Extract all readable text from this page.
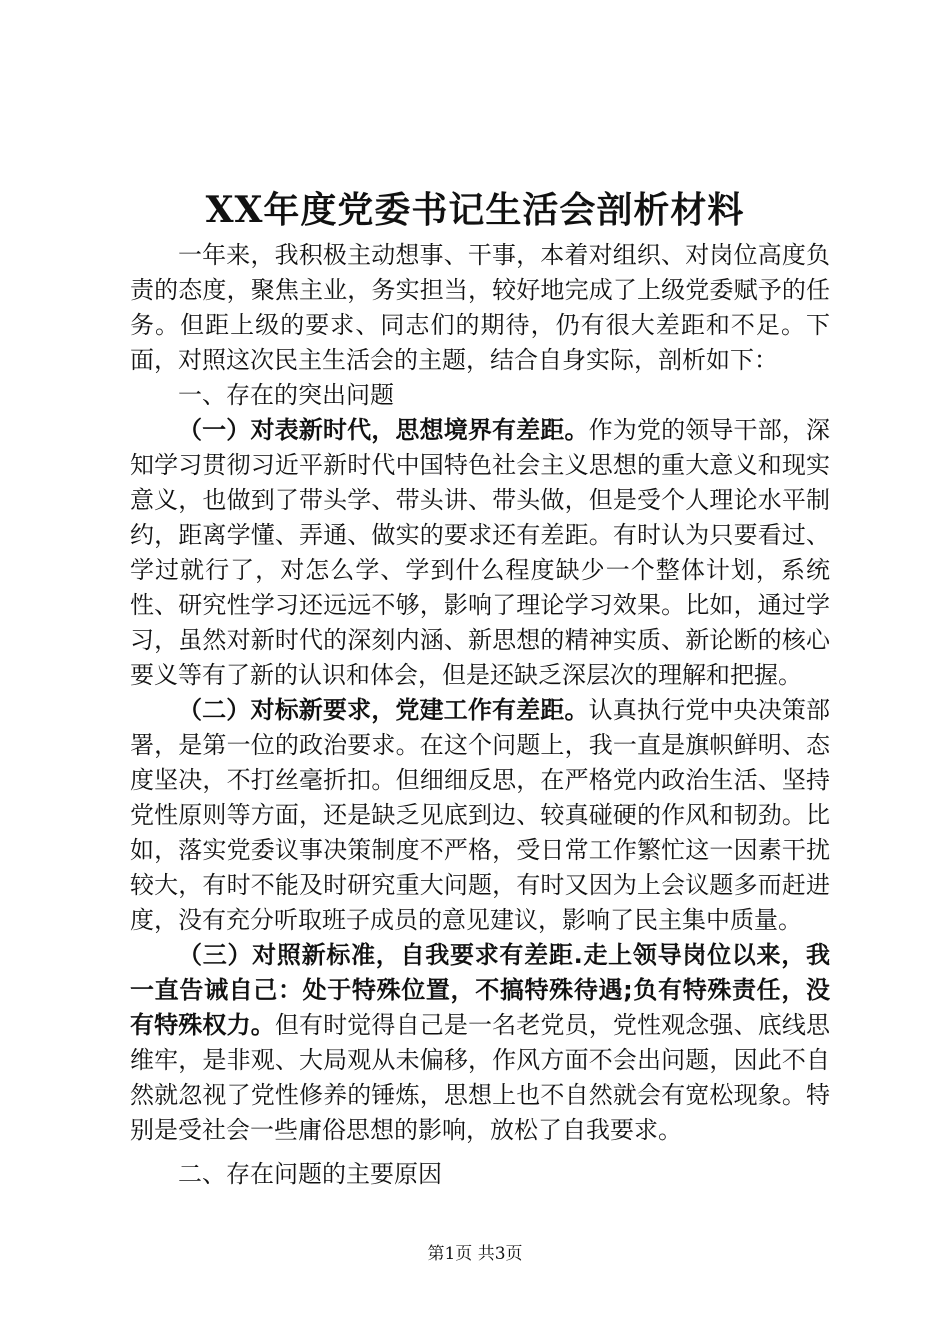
XX年度党委书记生活会剖析材料

一年来，我积极主动想事、干事，本着对组织、对岗位高度负责的态度，聚焦主业，务实担当，较好地完成了上级党委赋予的任务。但距上级的要求、同志们的期待，仍有很大差距和不足。下面，对照这次民主生活会的主题，结合自身实际，剖析如下：

一、存在的突出问题

（一）对表新时代，思想境界有差距。作为党的领导干部，深知学习贯彻习近平新时代中国特色社会主义思想的重大意义和现实意义，也做到了带头学、带头讲、带头做，但是受个人理论水平制约，距离学懂、弄通、做实的要求还有差距。有时认为只要看过、学过就行了，对怎么学、学到什么程度缺少一个整体计划，系统性、研究性学习还远远不够，影响了理论学习效果。比如，通过学习，虽然对新时代的深刻内涵、新思想的精神实质、新论断的核心要义等有了新的认识和体会，但是还缺乏深层次的理解和把握。

（二）对标新要求，党建工作有差距。认真执行党中央决策部署，是第一位的政治要求。在这个问题上，我一直是旗帜鲜明、态度坚决，不打丝毫折扣。但细细反思，在严格党内政治生活、坚持党性原则等方面，还是缺乏见底到边、较真碰硬的作风和韧劲。比如，落实党委议事决策制度不严格，受日常工作繁忙这一因素干扰较大，有时不能及时研究重大问题，有时又因为上会议题多而赶进度，没有充分听取班子成员的意见建议，影响了民主集中质量。

（三）对照新标准，自我要求有差距.走上领导岗位以来，我一直告诫自己：处于特殊位置，不搞特殊待遇;负有特殊责任，没有特殊权力。但有时觉得自己是一名老党员，党性观念强、底线思维牢，是非观、大局观从未偏移，作风方面不会出问题，因此不自然就忽视了党性修养的锤炼，思想上也不自然就会有宽松现象。特别是受社会一些庸俗思想的影响，放松了自我要求。

二、存在问题的主要原因

第1页 共3页
